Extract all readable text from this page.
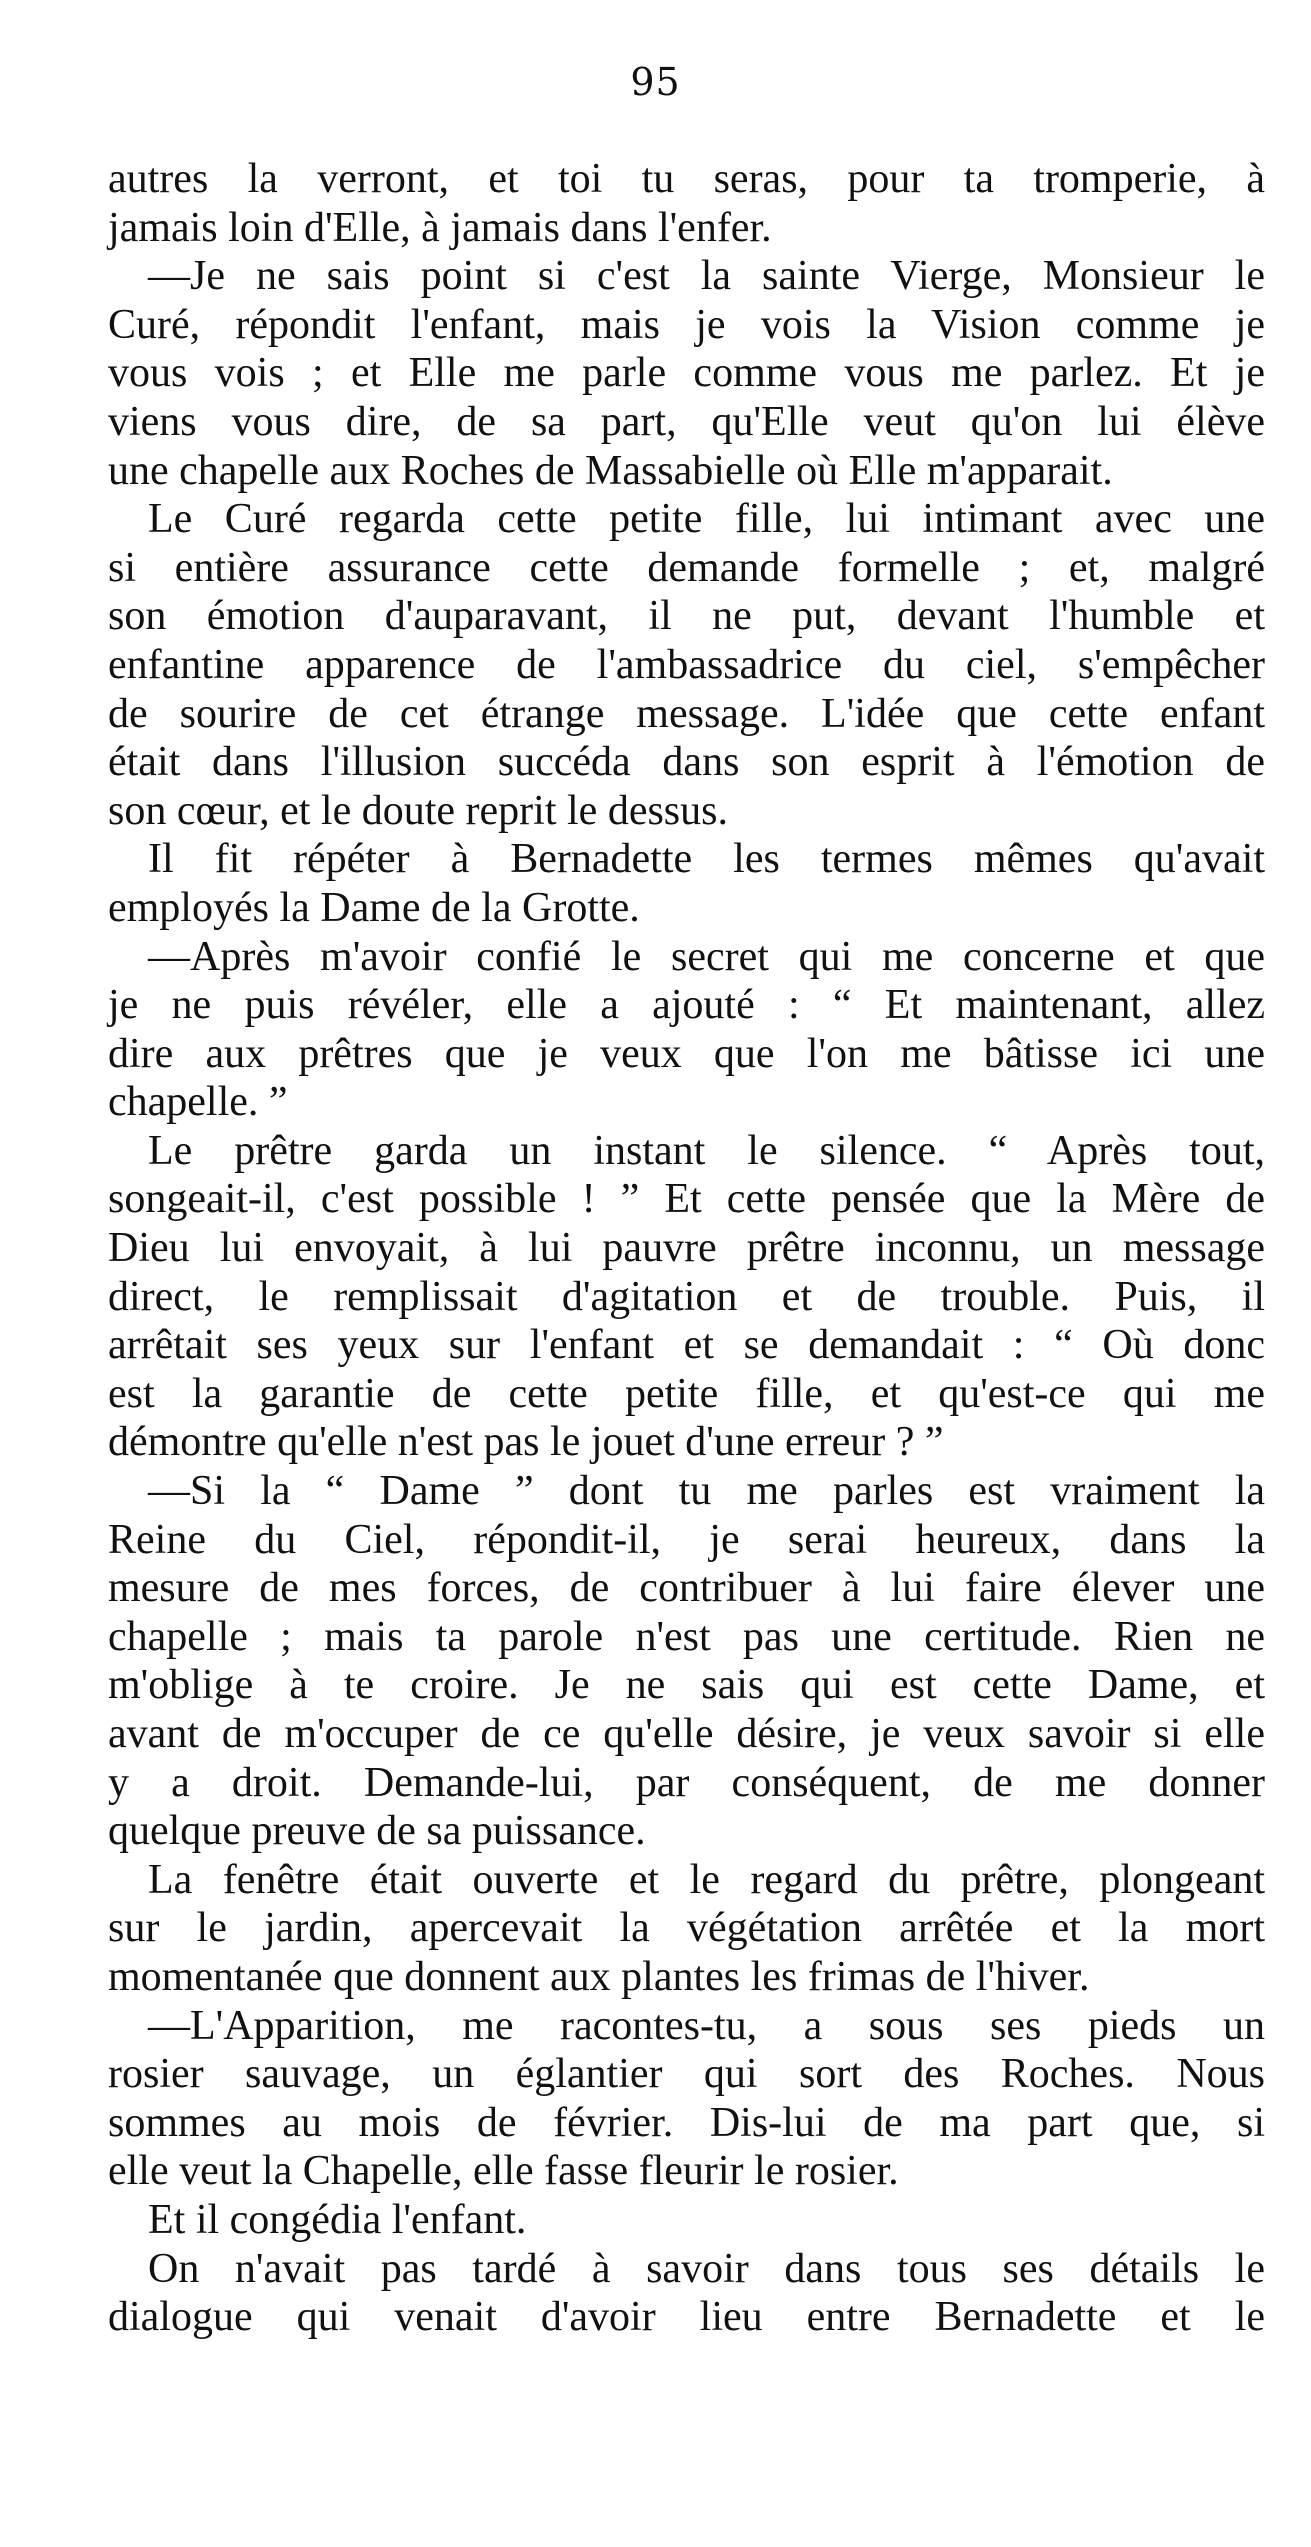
95
autres la verront, et toi tu seras, pour ta tromperie, à
jamais loin d'Elle, à jamais dans l'enfer.
—Je ne sais point si c'est la sainte Vierge, Monsieur le
Curé, répondit l'enfant, mais je vois la Vision comme je
vous vois ; et Elle me parle comme vous me parlez. Et je
viens vous dire, de sa part, qu'Elle veut qu'on lui élève
une chapelle aux Roches de Massabielle où Elle m'apparait.
Le Curé regarda cette petite fille, lui intimant avec une
si entière assurance cette demande formelle ; et, malgré
son émotion d'auparavant, il ne put, devant l'humble et
enfantine apparence de l'ambassadrice du ciel, s'empêcher
de sourire de cet étrange message. L'idée que cette enfant
était dans l'illusion succéda dans son esprit à l'émotion de
son cœur, et le doute reprit le dessus.
Il fit répéter à Bernadette les termes mêmes qu'avait
employés la Dame de la Grotte.
—Après m'avoir confié le secret qui me concerne et que
je ne puis révéler, elle a ajouté : “ Et maintenant, allez
dire aux prêtres que je veux que l'on me bâtisse ici une
chapelle. ”
Le prêtre garda un instant le silence. “ Après tout,
songeait-il, c'est possible ! ” Et cette pensée que la Mère de
Dieu lui envoyait, à lui pauvre prêtre inconnu, un message
direct, le remplissait d'agitation et de trouble. Puis, il
arrêtait ses yeux sur l'enfant et se demandait : “ Où donc
est la garantie de cette petite fille, et qu'est-ce qui me
démontre qu'elle n'est pas le jouet d'une erreur ? ”
—Si la “ Dame ” dont tu me parles est vraiment la
Reine du Ciel, répondit-il, je serai heureux, dans la
mesure de mes forces, de contribuer à lui faire élever une
chapelle ; mais ta parole n'est pas une certitude. Rien ne
m'oblige à te croire. Je ne sais qui est cette Dame, et
avant de m'occuper de ce qu'elle désire, je veux savoir si elle
y a droit. Demande-lui, par conséquent, de me donner
quelque preuve de sa puissance.
La fenêtre était ouverte et le regard du prêtre, plongeant
sur le jardin, apercevait la végétation arrêtée et la mort
momentanée que donnent aux plantes les frimas de l'hiver.
—L'Apparition, me racontes-tu, a sous ses pieds un
rosier sauvage, un églantier qui sort des Roches. Nous
sommes au mois de février. Dis-lui de ma part que, si
elle veut la Chapelle, elle fasse fleurir le rosier.
Et il congédia l'enfant.
On n'avait pas tardé à savoir dans tous ses détails le
dialogue qui venait d'avoir lieu entre Bernadette et le
